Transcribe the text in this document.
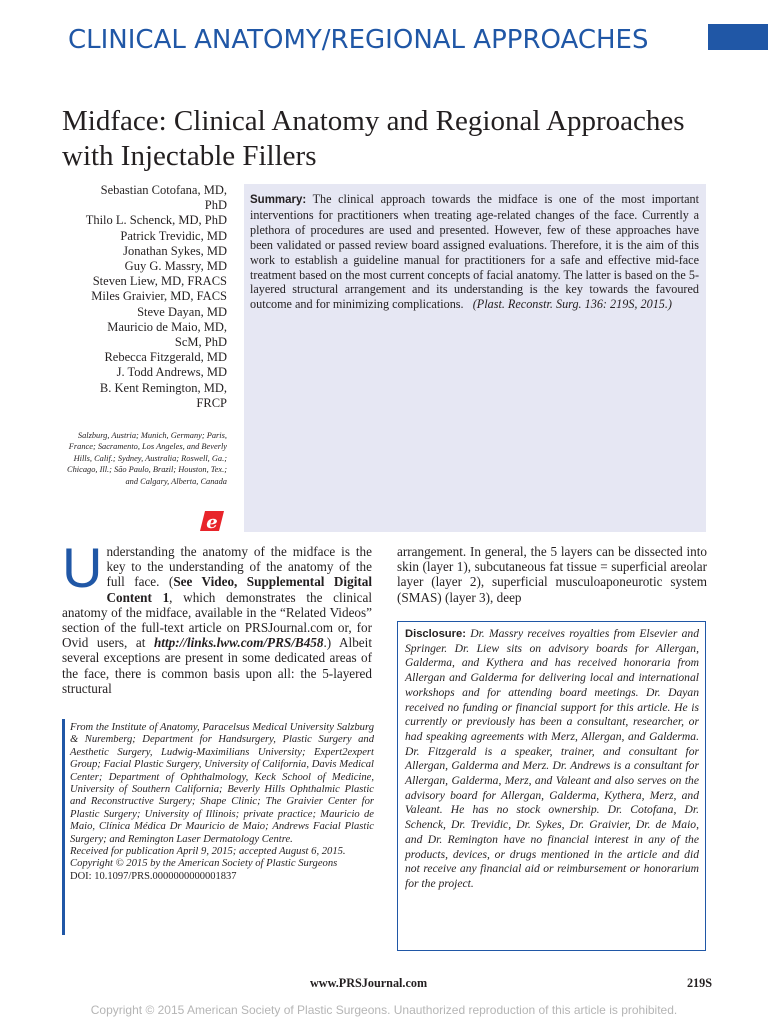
CLINICAL ANATOMY/REGIONAL APPROACHES
Midface: Clinical Anatomy and Regional Approaches with Injectable Fillers
Sebastian Cotofana, MD,
PhD
Thilo L. Schenck, MD, PhD
Patrick Trevidic, MD
Jonathan Sykes, MD
Guy G. Massry, MD
Steven Liew, MD, FRACS
Miles Graivier, MD, FACS
Steve Dayan, MD
Mauricio de Maio, MD,
ScM, PhD
Rebecca Fitzgerald, MD
J. Todd Andrews, MD
B. Kent Remington, MD,
FRCP
Salzburg, Austria; Munich, Germany; Paris, France; Sacramento, Los Angeles, and Beverly Hills, Calif.; Sydney, Australia; Roswell, Ga.; Chicago, Ill.; São Paulo, Brazil; Houston, Tex.; and Calgary, Alberta, Canada
e
Summary: The clinical approach towards the midface is one of the most important interventions for practitioners when treating age-related changes of the face. Currently a plethora of procedures are used and presented. However, few of these approaches have been validated or passed review board assigned evaluations. Therefore, it is the aim of this work to establish a guideline manual for practitioners for a safe and effective mid-face treatment based on the most current concepts of facial anatomy. The latter is based on the 5-layered structural arrangement and its understanding is the key towards the favoured outcome and for minimizing complications. (Plast. Reconstr. Surg. 136: 219S, 2015.)
Understanding the anatomy of the midface is the key to the understanding of the anatomy of the full face. (See Video, Supplemental Digital Content 1, which demonstrates the clinical anatomy of the midface, available in the “Related Videos” section of the full-text article on PRSJournal.com or, for Ovid users, at http://links.lww.com/PRS/B458.) Albeit several exceptions are present in some dedicated areas of the face, there is common basis upon all: the 5-layered structural
arrangement. In general, the 5 layers can be dissected into skin (layer 1), subcutaneous fat tissue = superficial areolar layer (layer 2), superficial musculoaponeurotic system (SMAS) (layer 3), deep
From the Institute of Anatomy, Paracelsus Medical University Salzburg & Nuremberg; Department for Handsurgery, Plastic Surgery and Aesthetic Surgery, Ludwig-Maximilians University; Expert2expert Group; Facial Plastic Surgery, University of California, Davis Medical Center; Department of Ophthalmology, Keck School of Medicine, University of Southern California; Beverly Hills Ophthalmic Plastic and Reconstructive Surgery; Shape Clinic; The Graivier Center for Plastic Surgery; University of Illinois; private practice; Mauricio de Maio, Clínica Médica Dr Mauricio de Maio; Andrews Facial Plastic Surgery; and Remington Laser Dermatology Centre.
Received for publication April 9, 2015; accepted August 6, 2015.
Copyright © 2015 by the American Society of Plastic Surgeons
DOI: 10.1097/PRS.0000000000001837
Disclosure: Dr. Massry receives royalties from Elsevier and Springer. Dr. Liew sits on advisory boards for Allergan, Galderma, and Kythera and has received honoraria from Allergan and Galderma for delivering local and international workshops and for attending board meetings. Dr. Dayan received no funding or financial support for this article. He is currently or previously has been a consultant, researcher, or had speaking agreements with Merz, Allergan, and Galderma. Dr. Fitzgerald is a speaker, trainer, and consultant for Allergan, Galderma and Merz. Dr. Andrews is a consultant for Allergan, Galderma, Merz, and Valeant and also serves on the advisory board for Allergan, Galderma, Kythera, Merz, and Valeant. He has no stock ownership. Dr. Cotofana, Dr. Schenck, Dr. Trevidic, Dr. Sykes, Dr. Graivier, Dr. de Maio, and Dr. Remington have no financial interest in any of the products, devices, or drugs mentioned in the article and did not receive any financial aid or reimbursement or honorarium for the project.
www.PRSJournal.com	219S
Copyright © 2015 American Society of Plastic Surgeons. Unauthorized reproduction of this article is prohibited.
